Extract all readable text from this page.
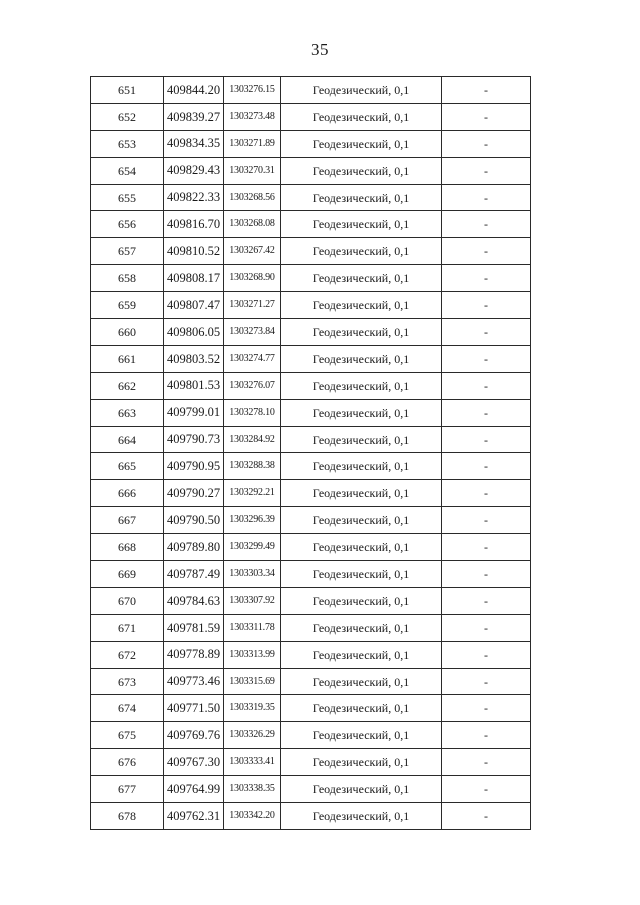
35
651	409844.20	1303276.15	Геодезический, 0,1	-
652	409839.27	1303273.48	Геодезический, 0,1	-
653	409834.35	1303271.89	Геодезический, 0,1	-
654	409829.43	1303270.31	Геодезический, 0,1	-
655	409822.33	1303268.56	Геодезический, 0,1	-
656	409816.70	1303268.08	Геодезический, 0,1	-
657	409810.52	1303267.42	Геодезический, 0,1	-
658	409808.17	1303268.90	Геодезический, 0,1	-
659	409807.47	1303271.27	Геодезический, 0,1	-
660	409806.05	1303273.84	Геодезический, 0,1	-
661	409803.52	1303274.77	Геодезический, 0,1	-
662	409801.53	1303276.07	Геодезический, 0,1	-
663	409799.01	1303278.10	Геодезический, 0,1	-
664	409790.73	1303284.92	Геодезический, 0,1	-
665	409790.95	1303288.38	Геодезический, 0,1	-
666	409790.27	1303292.21	Геодезический, 0,1	-
667	409790.50	1303296.39	Геодезический, 0,1	-
668	409789.80	1303299.49	Геодезический, 0,1	-
669	409787.49	1303303.34	Геодезический, 0,1	-
670	409784.63	1303307.92	Геодезический, 0,1	-
671	409781.59	1303311.78	Геодезический, 0,1	-
672	409778.89	1303313.99	Геодезический, 0,1	-
673	409773.46	1303315.69	Геодезический, 0,1	-
674	409771.50	1303319.35	Геодезический, 0,1	-
675	409769.76	1303326.29	Геодезический, 0,1	-
676	409767.30	1303333.41	Геодезический, 0,1	-
677	409764.99	1303338.35	Геодезический, 0,1	-
678	409762.31	1303342.20	Геодезический, 0,1	-
